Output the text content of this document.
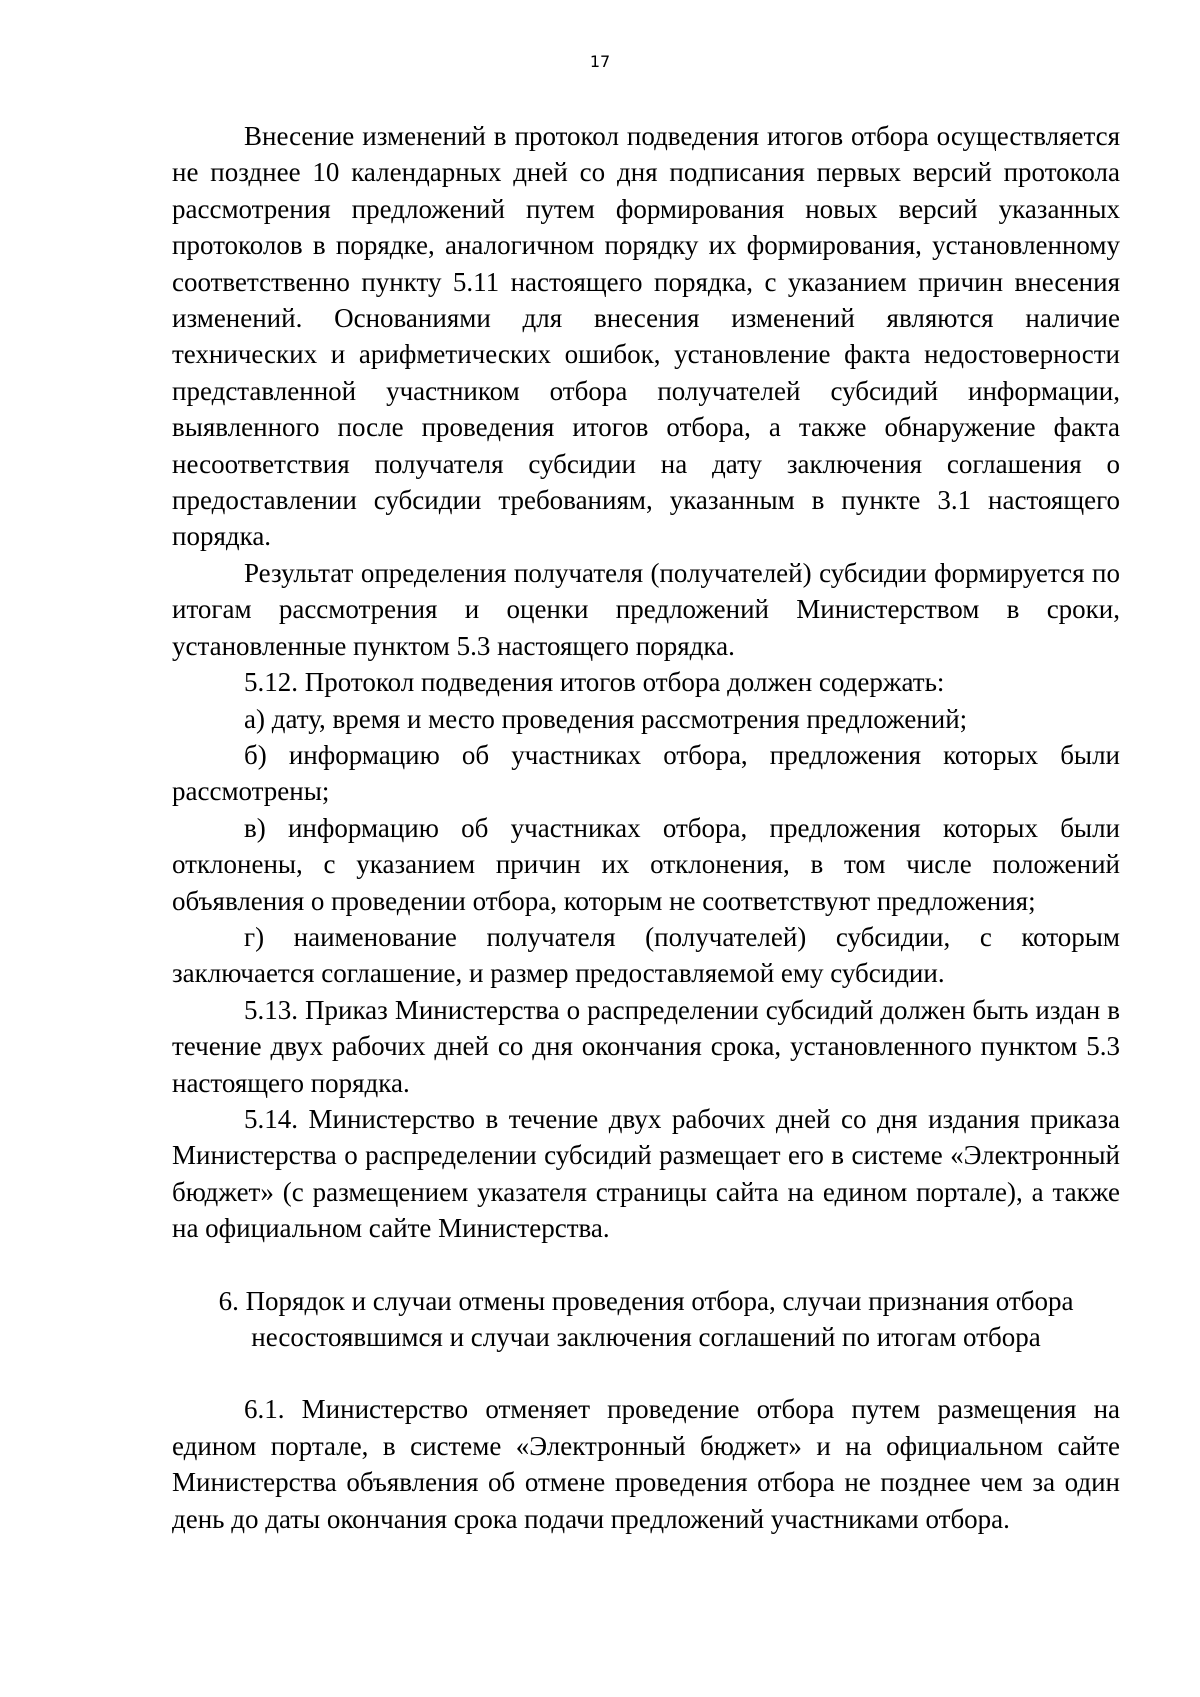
17

Внесение изменений в протокол подведения итогов отбора осуществляется не позднее 10 календарных дней со дня подписания первых версий протокола рассмотрения предложений путем формирования новых версий указанных протоколов в порядке, аналогичном порядку их формирования, установленному соответственно пункту 5.11 настоящего порядка, с указанием причин внесения изменений. Основаниями для внесения изменений являются наличие технических и арифметических ошибок, установление факта недостоверности представленной участником отбора получателей субсидий информации, выявленного после проведения итогов отбора, а также обнаружение факта несоответствия получателя субсидии на дату заключения соглашения о предоставлении субсидии требованиям, указанным в пункте 3.1 настоящего порядка.

Результат определения получателя (получателей) субсидии формируется по итогам рассмотрения и оценки предложений Министерством в сроки, установленные пунктом 5.3 настоящего порядка.

5.12. Протокол подведения итогов отбора должен содержать:

а) дату, время и место проведения рассмотрения предложений;

б) информацию об участниках отбора, предложения которых были рассмотрены;

в) информацию об участниках отбора, предложения которых были отклонены, с указанием причин их отклонения, в том числе положений объявления о проведении отбора, которым не соответствуют предложения;

г) наименование получателя (получателей) субсидии, с которым заключается соглашение, и размер предоставляемой ему субсидии.

5.13. Приказ Министерства о распределении субсидий должен быть издан в течение двух рабочих дней со дня окончания срока, установленного пунктом 5.3 настоящего порядка.

5.14. Министерство в течение двух рабочих дней со дня издания приказа Министерства о распределении субсидий размещает его в системе «Электронный бюджет» (с размещением указателя страницы сайта на едином портале), а также на официальном сайте Министерства.

6. Порядок и случаи отмены проведения отбора, случаи признания отбора
несостоявшимся и случаи заключения соглашений по итогам отбора

6.1. Министерство отменяет проведение отбора путем размещения на едином портале, в системе «Электронный бюджет» и на официальном сайте Министерства объявления об отмене проведения отбора не позднее чем за один день до даты окончания срока подачи предложений участниками отбора.
